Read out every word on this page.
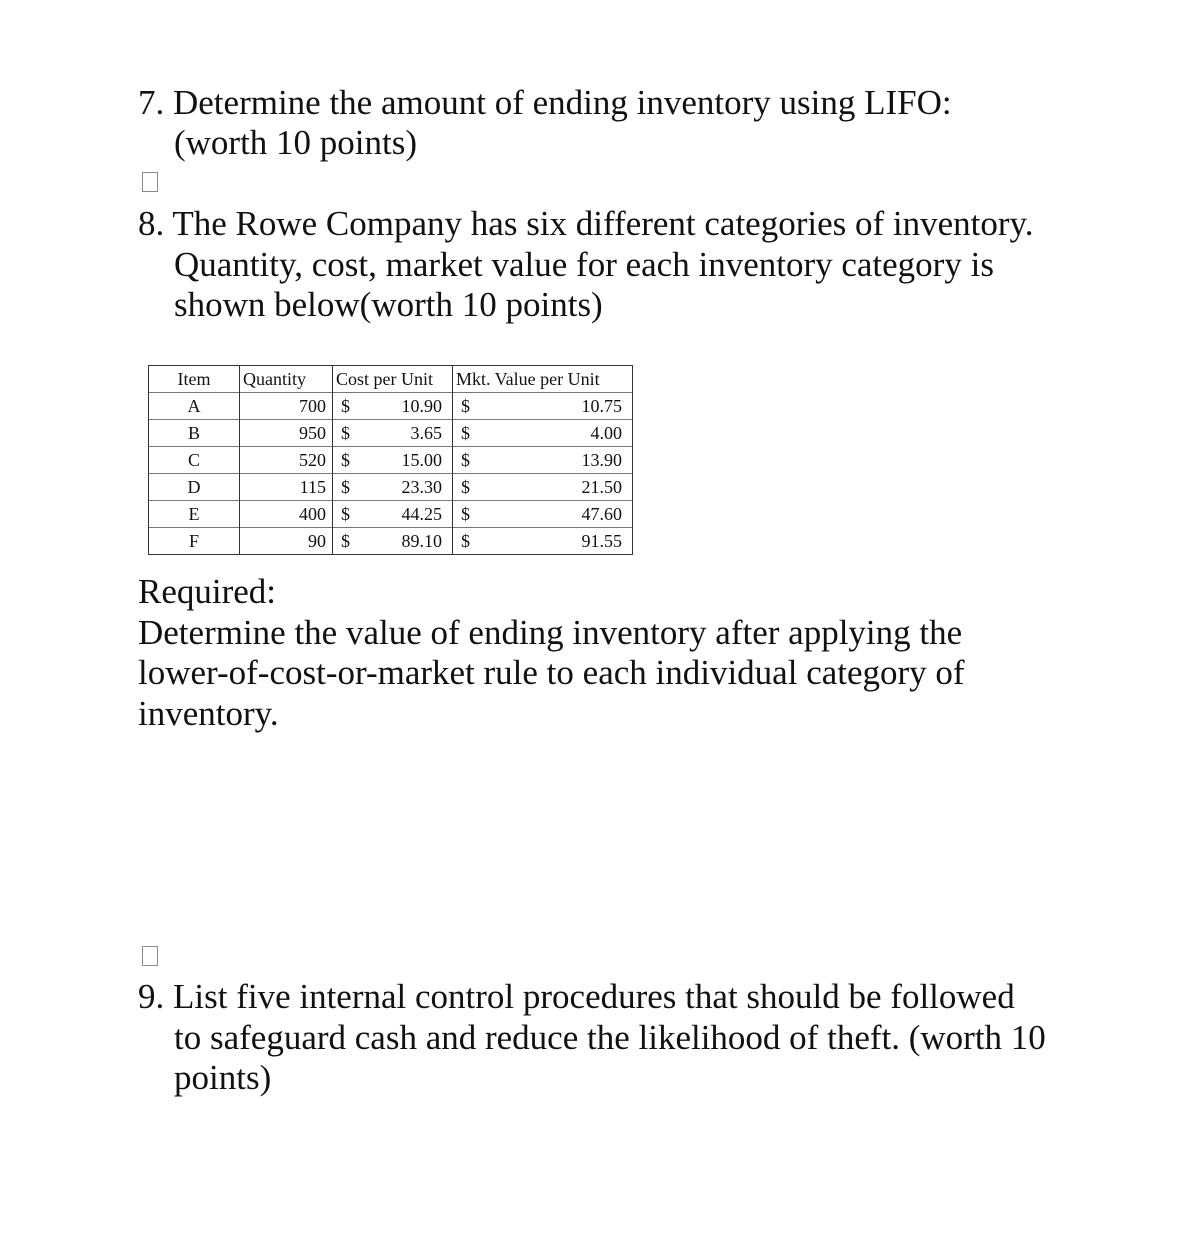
7. Determine the amount of ending inventory using LIFO:

(worth 10 points)

8. The Rowe Company has six different categories of inventory.

Quantity, cost, market value for each inventory category is

shown below(worth 10 points)

Item	Quantity	Cost per Unit		Mkt. Value per Unit	
A	700	$	10.90	$	10.75
B	950	$	3.65	$	4.00
C	520	$	15.00	$	13.90
D	115	$	23.30	$	21.50
E	400	$	44.25	$	47.60
F	90	$	89.10	$	91.55

Required:

Determine the value of ending inventory after applying the

lower-of-cost-or-market rule to each individual category of

inventory.

9. List five internal control procedures that should be followed

to safeguard cash and reduce the likelihood of theft. (worth 10

points)
